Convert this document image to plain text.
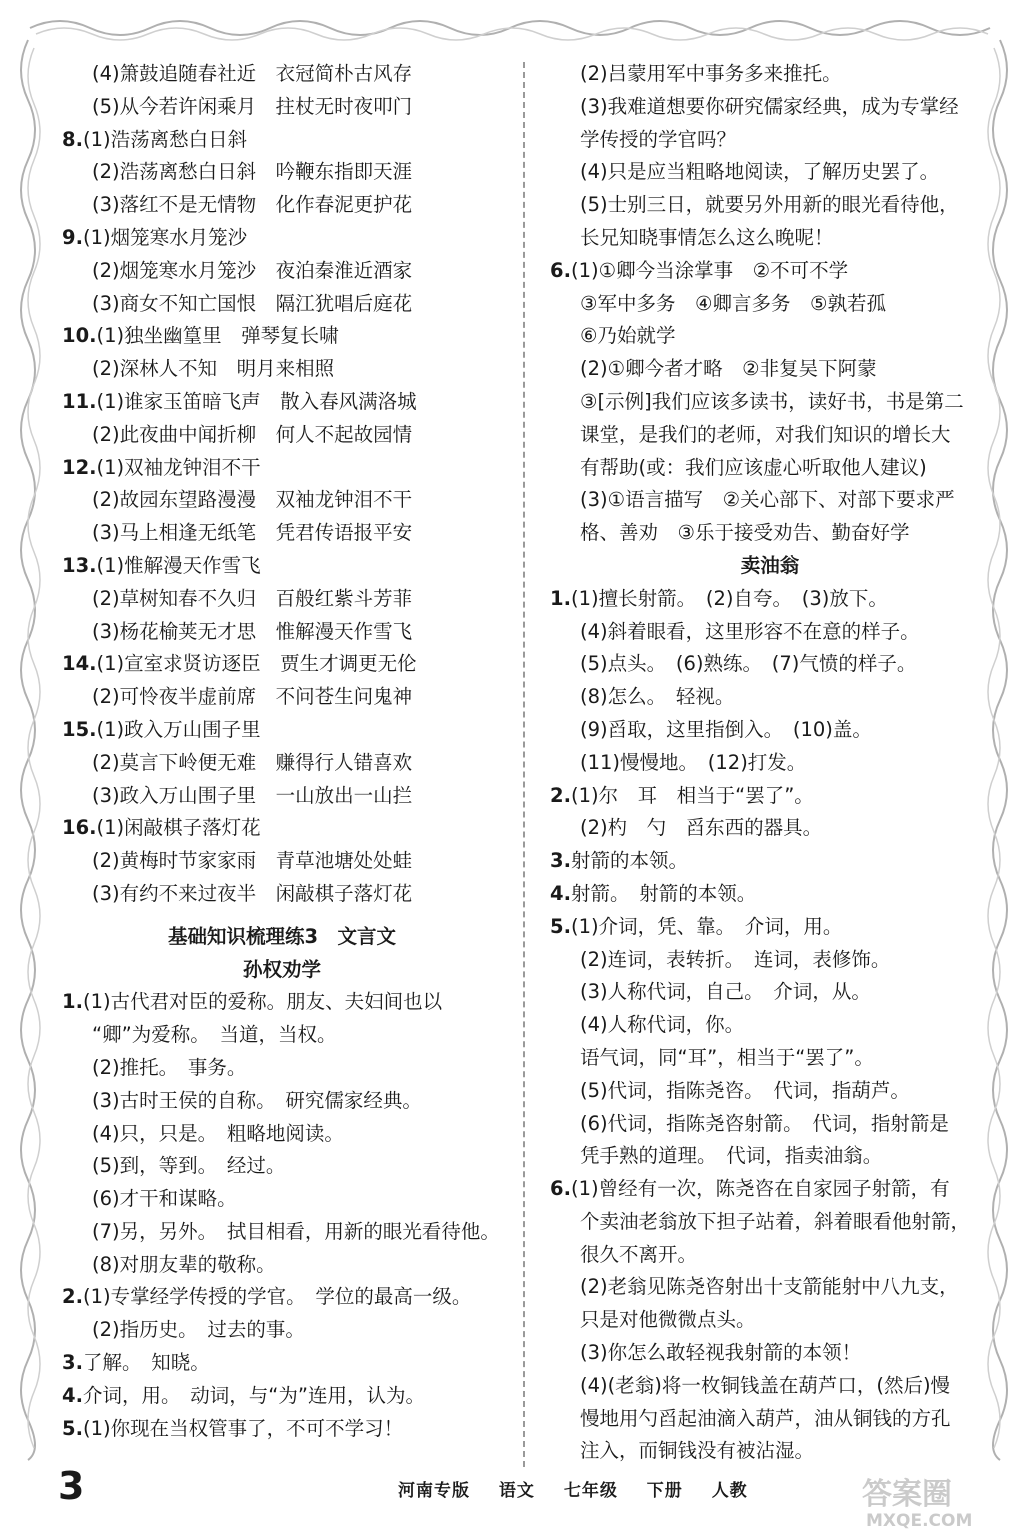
(4)箫鼓追随春社近　衣冠简朴古风存
(5)从今若许闲乘月　拄杖无时夜叩门
8.(1)浩荡离愁白日斜
(2)浩荡离愁白日斜　吟鞭东指即天涯
(3)落红不是无情物　化作春泥更护花
9.(1)烟笼寒水月笼沙
(2)烟笼寒水月笼沙　夜泊秦淮近酒家
(3)商女不知亡国恨　隔江犹唱后庭花
10.(1)独坐幽篁里　弹琴复长啸
(2)深林人不知　明月来相照
11.(1)谁家玉笛暗飞声　散入春风满洛城
(2)此夜曲中闻折柳　何人不起故园情
12.(1)双袖龙钟泪不干
(2)故园东望路漫漫　双袖龙钟泪不干
(3)马上相逢无纸笔　凭君传语报平安
13.(1)惟解漫天作雪飞
(2)草树知春不久归　百般红紫斗芳菲
(3)杨花榆荚无才思　惟解漫天作雪飞
14.(1)宣室求贤访逐臣　贾生才调更无伦
(2)可怜夜半虚前席　不问苍生问鬼神
15.(1)政入万山围子里
(2)莫言下岭便无难　赚得行人错喜欢
(3)政入万山围子里　一山放出一山拦
16.(1)闲敲棋子落灯花
(2)黄梅时节家家雨　青草池塘处处蛙
(3)有约不来过夜半　闲敲棋子落灯花
基础知识梳理练3　文言文
孙权劝学
1.(1)古代君对臣的爱称。朋友、夫妇间也以
“卿”为爱称。　当道，当权。
(2)推托。　事务。
(3)古时王侯的自称。　研究儒家经典。
(4)只，只是。　粗略地阅读。
(5)到，等到。　经过。
(6)才干和谋略。
(7)另，另外。　拭目相看，用新的眼光看待他。
(8)对朋友辈的敬称。
2.(1)专掌经学传授的学官。　学位的最高一级。
(2)指历史。　过去的事。
3.了解。　知晓。
4.介词，用。　动词，与“为”连用，认为。
5.(1)你现在当权管事了，不可不学习！
(2)吕蒙用军中事务多来推托。
(3)我难道想要你研究儒家经典，成为专掌经
学传授的学官吗？
(4)只是应当粗略地阅读，了解历史罢了。
(5)士别三日，就要另外用新的眼光看待他，
长兄知晓事情怎么这么晚呢！
6.(1)①卿今当涂掌事　②不可不学
③军中多务　④卿言多务　⑤孰若孤
⑥乃始就学
(2)①卿今者才略　②非复吴下阿蒙
③[示例]我们应该多读书，读好书，书是第二
课堂，是我们的老师，对我们知识的增长大
有帮助(或：我们应该虚心听取他人建议)
(3)①语言描写　②关心部下、对部下要求严
格、善劝　③乐于接受劝告、勤奋好学
卖油翁
1.(1)擅长射箭。　(2)自夸。　(3)放下。
(4)斜着眼看，这里形容不在意的样子。
(5)点头。　(6)熟练。　(7)气愤的样子。
(8)怎么。　轻视。
(9)舀取，这里指倒入。　(10)盖。
(11)慢慢地。　(12)打发。
2.(1)尔　耳　相当于“罢了”。
(2)杓　勺　舀东西的器具。
3.射箭的本领。
4.射箭。　射箭的本领。
5.(1)介词，凭、靠。　介词，用。
(2)连词，表转折。　连词，表修饰。
(3)人称代词，自己。　介词，从。
(4)人称代词，你。
语气词，同“耳”，相当于“罢了”。
(5)代词，指陈尧咨。　代词，指葫芦。
(6)代词，指陈尧咨射箭。　代词，指射箭是
凭手熟的道理。　代词，指卖油翁。
6.(1)曾经有一次，陈尧咨在自家园子射箭，有
个卖油老翁放下担子站着，斜着眼看他射箭，
很久不离开。
(2)老翁见陈尧咨射出十支箭能射中八九支，
只是对他微微点头。
(3)你怎么敢轻视我射箭的本领！
(4)(老翁)将一枚铜钱盖在葫芦口，(然后)慢
慢地用勺舀起油滴入葫芦，油从铜钱的方孔
注入，而铜钱没有被沾湿。
3	河南专版 语文 七年级 下册 人教	答案圈
MXQE.COM
